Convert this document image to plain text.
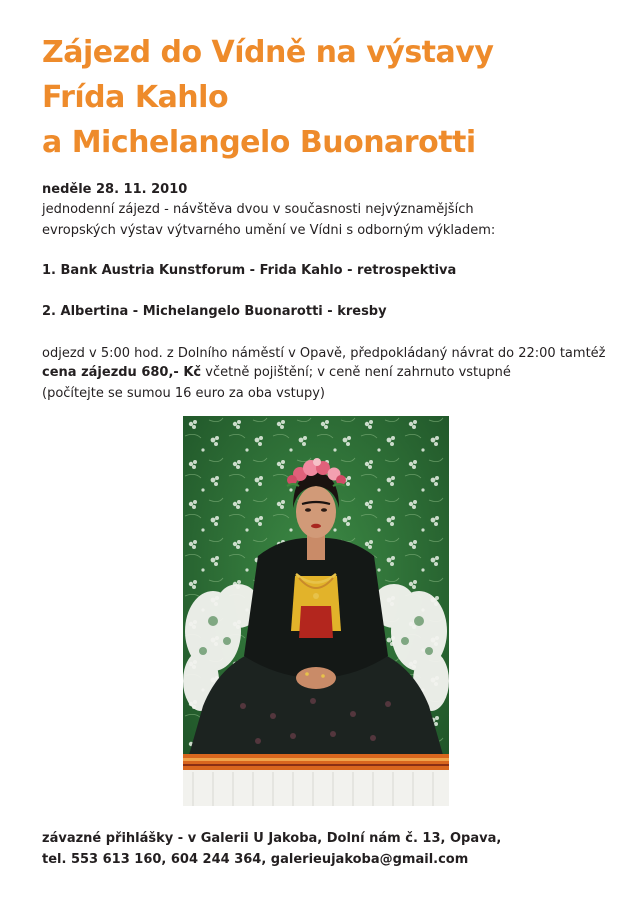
Zájezd do Vídně na výstavy
Frída Kahlo
a Michelangelo Buonarotti
neděle 28. 11. 2010
jednodenní zájezd - návštěva dvou v současnosti nejvýznamějších
evropských výstav výtvarného umění ve Vídni s odborným výkladem:
1. Bank Austria Kunstforum - Frida Kahlo - retrospektiva
2. Albertina - Michelangelo Buonarotti - kresby
odjezd v 5:00 hod. z Dolního náměstí v Opavě, předpokládaný návrat do 22:00 tamtéž
cena zájezdu 680,- Kč včetně pojištění; v ceně není zahrnuto vstupné
(počítejte se sumou 16 euro za oba vstupy)
závazné přihlášky - v Galerii U Jakoba, Dolní nám č. 13, Opava,
tel. 553 613 160, 604 244 364, galerieujakoba@gmail.com
